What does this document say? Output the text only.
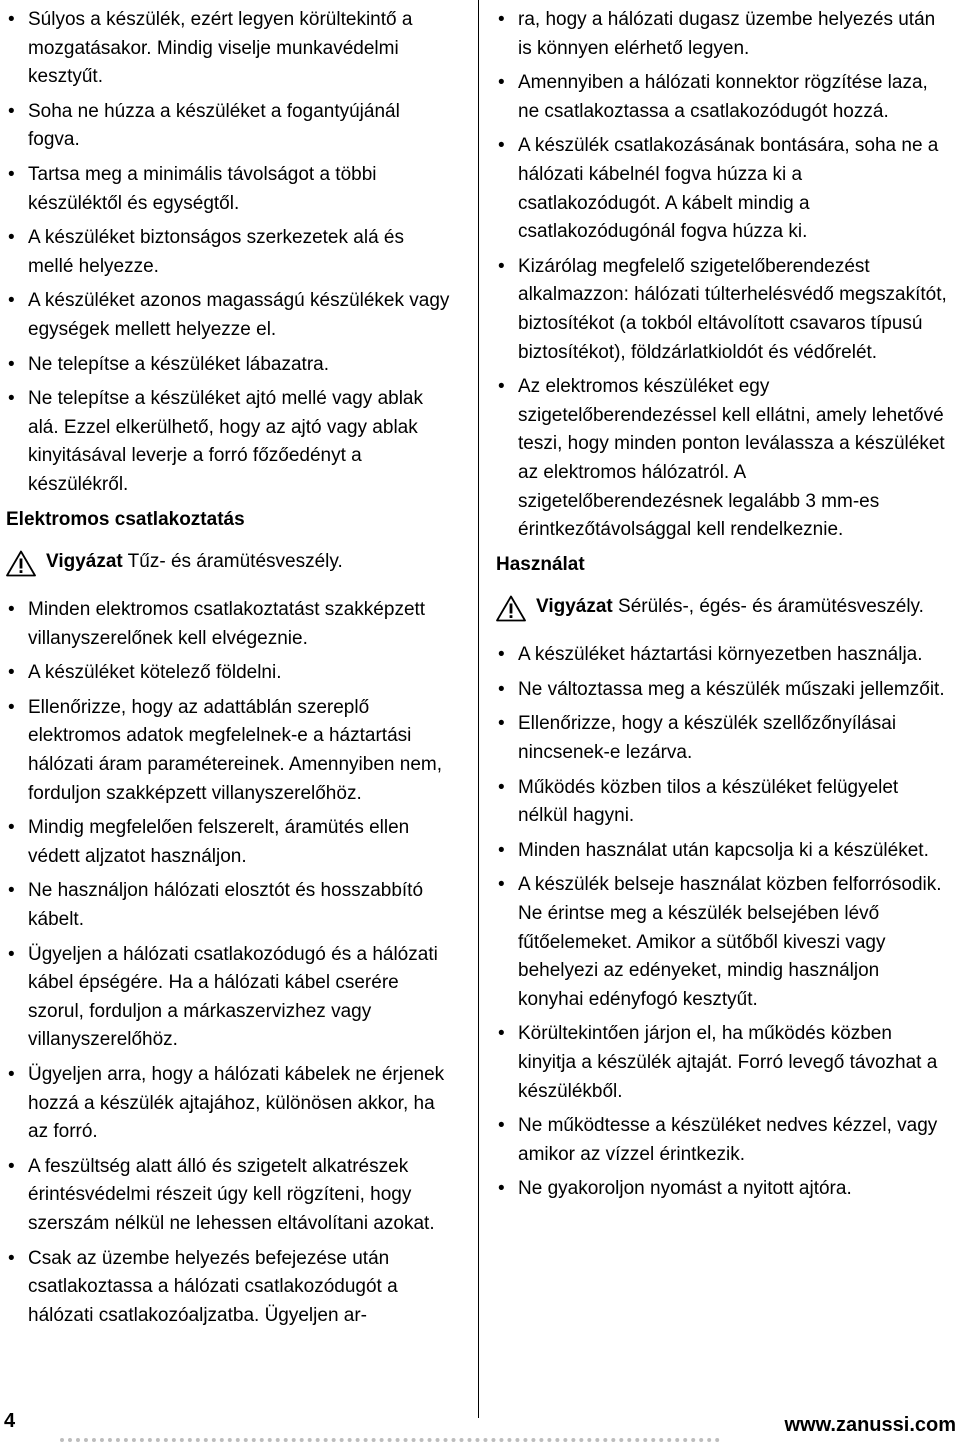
• Súlyos a készülék, ezért legyen körültekintő a mozgatásakor. Mindig viselje munkavédelmi kesztyűt.
• Soha ne húzza a készüléket a fogantyújánál fogva.
• Tartsa meg a minimális távolságot a többi készüléktől és egységtől.
• A készüléket biztonságos szerkezetek alá és mellé helyezze.
• A készüléket azonos magasságú készülékek vagy egységek mellett helyezze el.
• Ne telepítse a készüléket lábazatra.
• Ne telepítse a készüléket ajtó mellé vagy ablak alá. Ezzel elkerülhető, hogy az ajtó vagy ablak kinyitásával leverje a forró főzőedényt a készülékről.
Elektromos csatlakoztatás
Vigyázat Tűz- és áramütésveszély.
• Minden elektromos csatlakoztatást szakképzett villanyszerelőnek kell elvégeznie.
• A készüléket kötelező földelni.
• Ellenőrizze, hogy az adattáblán szereplő elektromos adatok megfelelnek-e a háztartási hálózati áram paramétereinek. Amennyiben nem, forduljon szakképzett villanyszerelőhöz.
• Mindig megfelelően felszerelt, áramütés ellen védett aljzatot használjon.
• Ne használjon hálózati elosztót és hosszabbító kábelt.
• Ügyeljen a hálózati csatlakozódugó és a hálózati kábel épségére. Ha a hálózati kábel cserére szorul, forduljon a márkaszervizhez vagy villanyszerelőhöz.
• Ügyeljen arra, hogy a hálózati kábelek ne érjenek hozzá a készülék ajtajához, különösen akkor, ha az forró.
• A feszültség alatt álló és szigetelt alkatrészek érintésvédelmi részeit úgy kell rögzíteni, hogy szerszám nélkül ne lehessen eltávolítani azokat.
• Csak az üzembe helyezés befejezése után csatlakoztassa a hálózati csatlakozódugót a hálózati csatlakozóaljzatba. Ügyeljen ar-
• ra, hogy a hálózati dugasz üzembe helyezés után is könnyen elérhető legyen.
• Amennyiben a hálózati konnektor rögzítése laza, ne csatlakoztassa a csatlakozódugót hozzá.
• A készülék csatlakozásának bontására, soha ne a hálózati kábelnél fogva húzza ki a csatlakozódugót. A kábelt mindig a csatlakozódugónál fogva húzza ki.
• Kizárólag megfelelő szigetelőberendezést alkalmazzon: hálózati túlterhelésvédő megszakítót, biztosítékot (a tokból eltávolított csavaros típusú biztosítékot), földzárlatkioldót és védőrelét.
• Az elektromos készüléket egy szigetelőberendezéssel kell ellátni, amely lehetővé teszi, hogy minden ponton leválassza a készüléket az elektromos hálózatról. A szigetelőberendezésnek legalább 3 mm-es érintkezőtávolsággal kell rendelkeznie.
Használat
Vigyázat Sérülés-, égés- és áramütésveszély.
• A készüléket háztartási környezetben használja.
• Ne változtassa meg a készülék műszaki jellemzőit.
• Ellenőrizze, hogy a készülék szellőzőnyílásai nincsenek-e lezárva.
• Működés közben tilos a készüléket felügyelet nélkül hagyni.
• Minden használat után kapcsolja ki a készüléket.
• A készülék belseje használat közben felforrósodik. Ne érintse meg a készülék belsejében lévő fűtőelemeket. Amikor a sütőből kiveszi vagy behelyezi az edényeket, mindig használjon konyhai edényfogó kesztyűt.
• Körültekintően járjon el, ha működés közben kinyitja a készülék ajtaját. Forró levegő távozhat a készülékből.
• Ne működtesse a készüléket nedves kézzel, vagy amikor az vízzel érintkezik.
• Ne gyakoroljon nyomást a nyitott ajtóra.
4	www.zanussi.com
